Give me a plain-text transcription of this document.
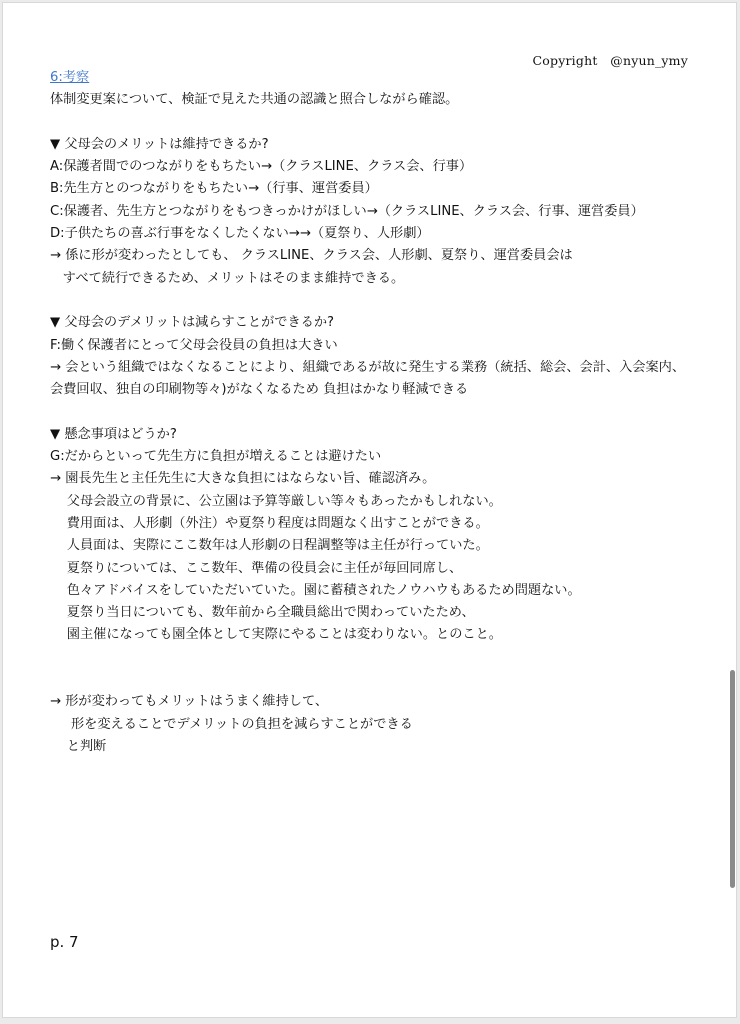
Copyright　@nyun_ymy
6:考察
体制変更案について、検証で見えた共通の認識と照合しながら確認。
▼ 父母会のメリットは維持できるか?
A:保護者間でのつながりをもちたい→（クラスLINE、クラス会、行事）
B:先生方とのつながりをもちたい→（行事、運営委員）
C:保護者、先生方とつながりをもつきっかけがほしい→（クラスLINE、クラス会、行事、運営委員）
D:子供たちの喜ぶ行事をなくしたくない→→（夏祭り、人形劇）
→ 係に形が変わったとしても、 クラスLINE、クラス会、人形劇、夏祭り、運営委員会は
すべて続行できるため、メリットはそのまま維持できる。
▼ 父母会のデメリットは減らすことができるか?
F:働く保護者にとって父母会役員の負担は大きい
→ 会という組織ではなくなることにより、組織であるが故に発生する業務（統括、総会、会計、入会案内、
会費回収、独自の印刷物等々)がなくなるため 負担はかなり軽減できる
▼ 懸念事項はどうか?
G:だからといって先生方に負担が増えることは避けたい
→ 園長先生と主任先生に大きな負担にはならない旨、確認済み。
父母会設立の背景に、公立園は予算等厳しい等々もあったかもしれない。
費用面は、人形劇（外注）や夏祭り程度は問題なく出すことができる。
人員面は、実際にここ数年は人形劇の日程調整等は主任が行っていた。
夏祭りについては、ここ数年、準備の役員会に主任が毎回同席し、
色々アドバイスをしていただいていた。園に蓄積されたノウハウもあるため問題ない。
夏祭り当日についても、数年前から全職員総出で関わっていたため、
園主催になっても園全体として実際にやることは変わりない。とのこと。
→ 形が変わってもメリットはうまく維持して、
形を変えることでデメリットの負担を減らすことができる
と判断
p. 7
